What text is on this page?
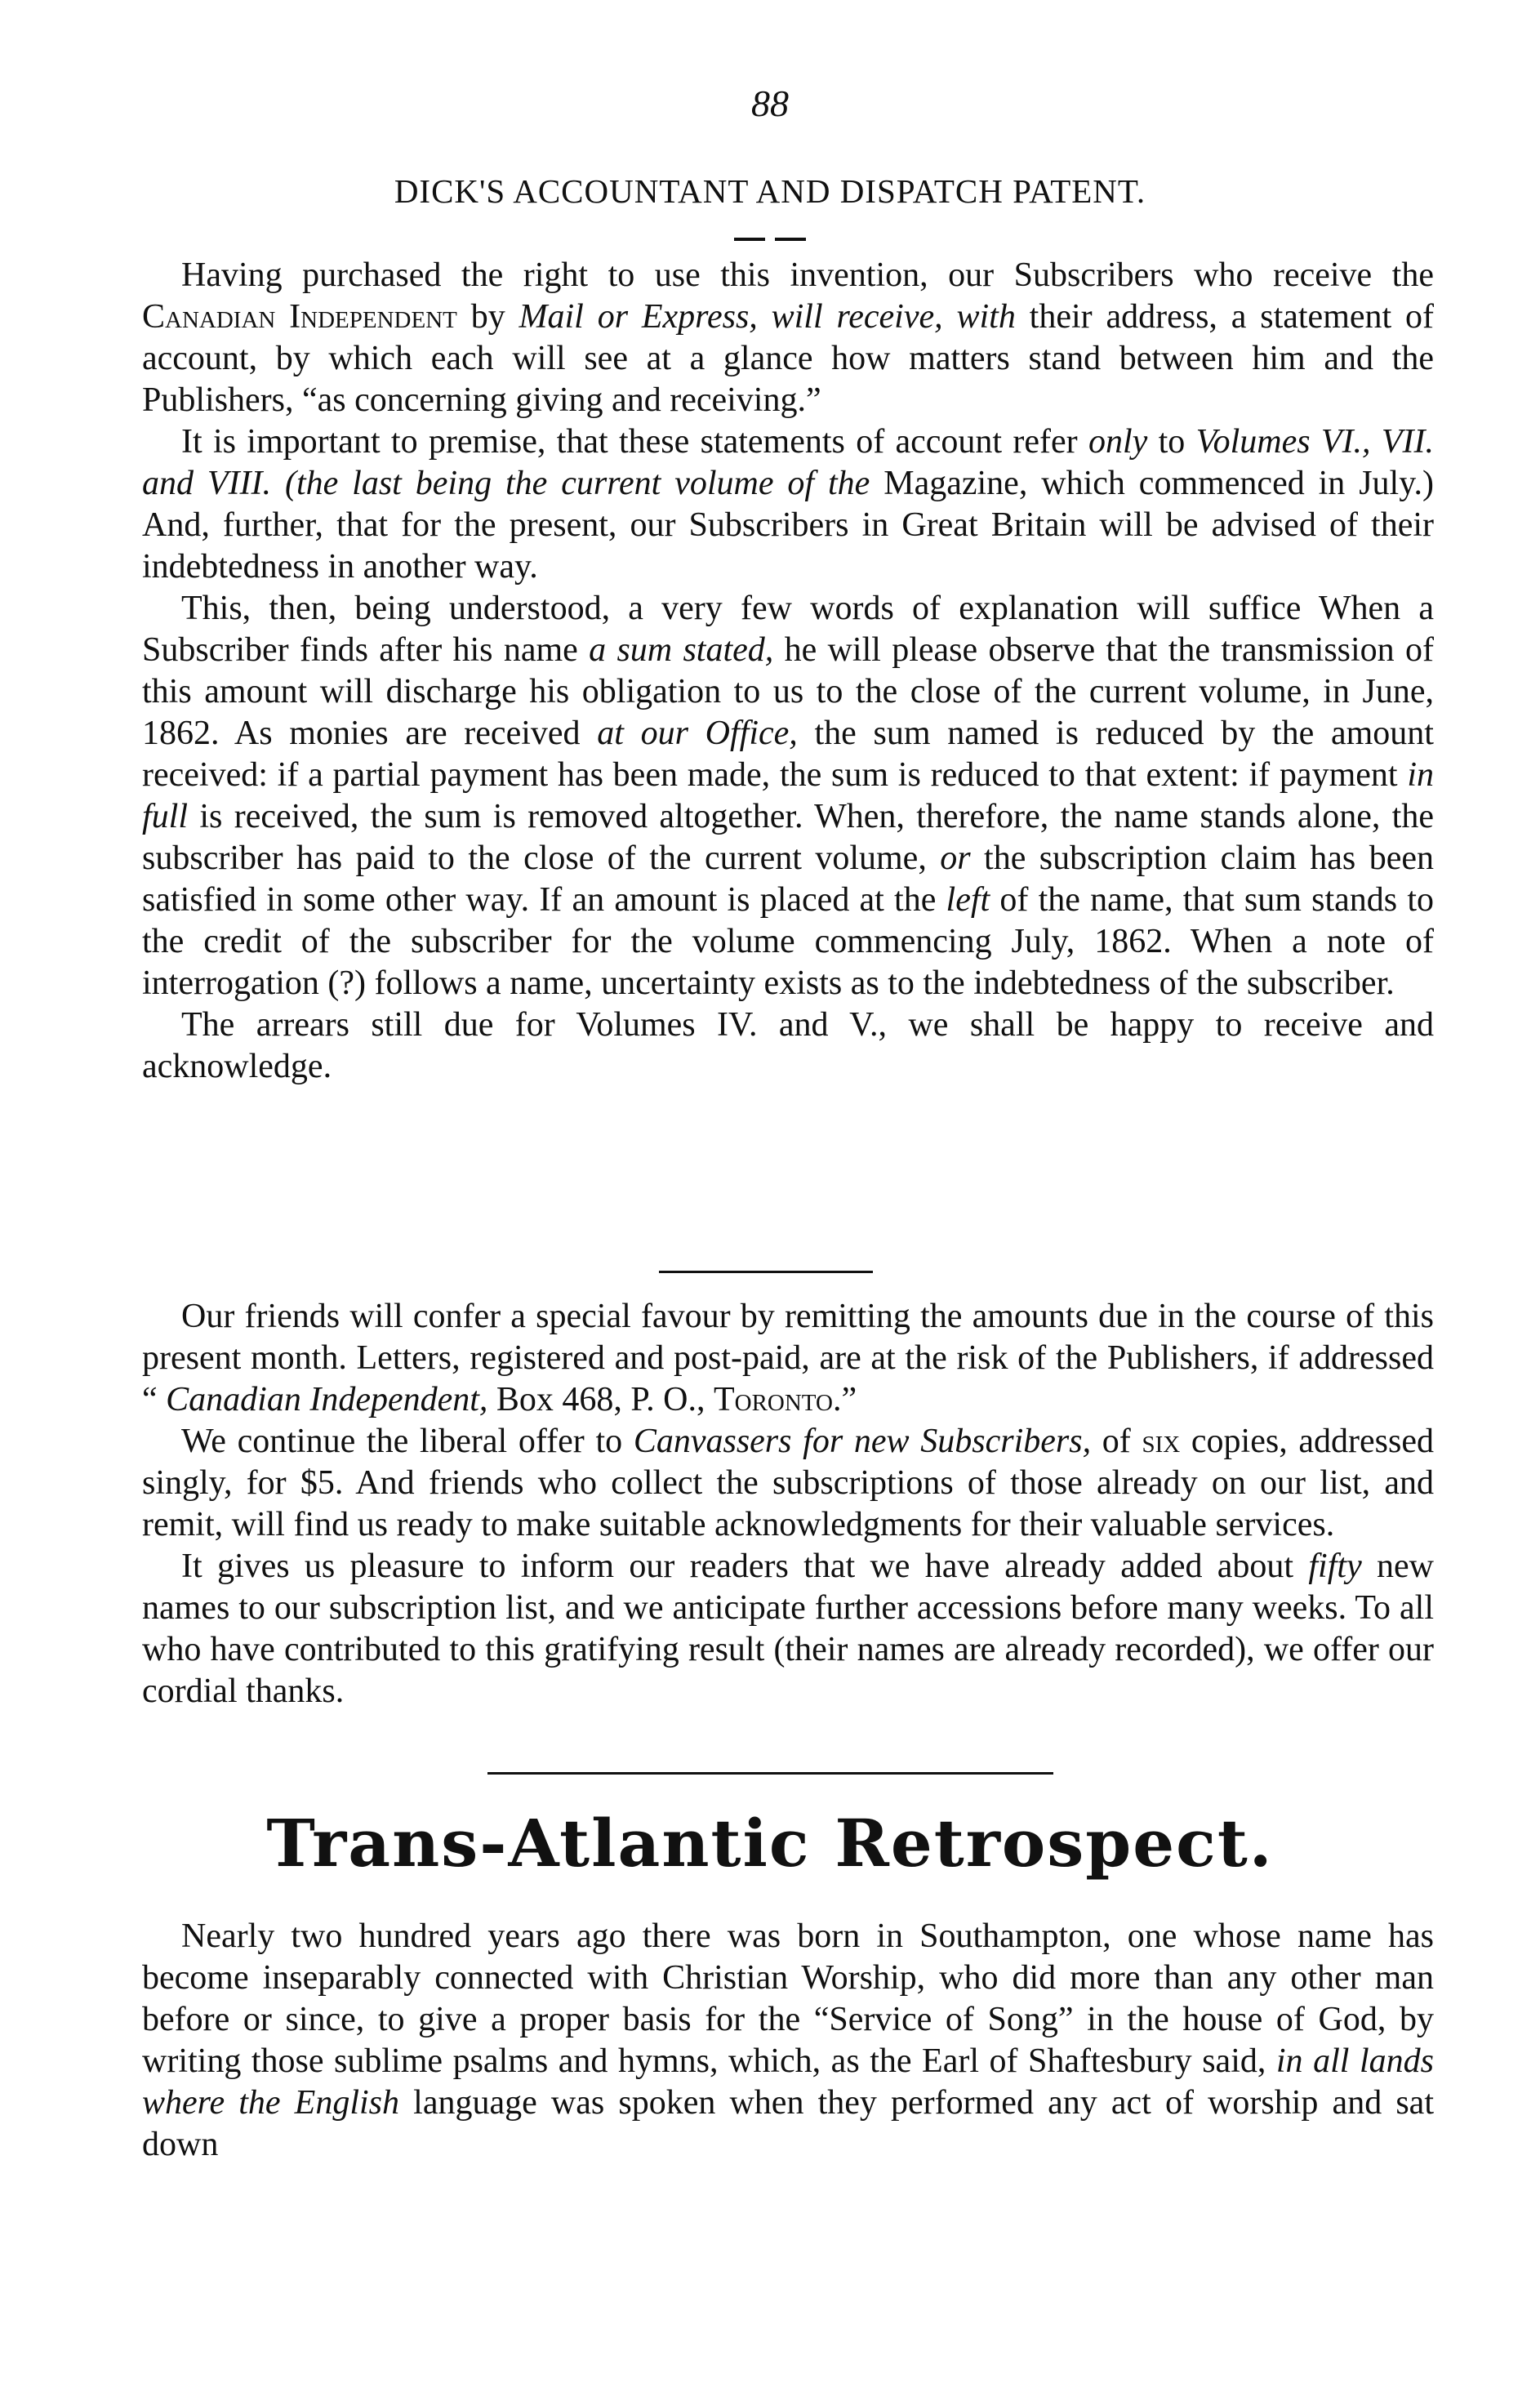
88
DICK'S ACCOUNTANT AND DISPATCH PATENT.

Having purchased the right to use this invention, our Subscribers who receive the Canadian Independent by Mail or Express, will receive, with their address, a statement of account, by which each will see at a glance how matters stand between him and the Publishers, “as concerning giving and receiving.”

It is important to premise, that these statements of account refer only to Volumes VI., VII. and VIII. (the last being the current volume of the Magazine, which commenced in July.) And, further, that for the present, our Subscribers in Great Britain will be advised of their indebtedness in another way.

This, then, being understood, a very few words of explanation will suffice When a Subscriber finds after his name a sum stated, he will please observe that the transmission of this amount will discharge his obligation to us to the close of the current volume, in June, 1862. As monies are received at our Office, the sum named is reduced by the amount received: if a partial payment has been made, the sum is reduced to that extent: if payment in full is received, the sum is removed altogether. When, therefore, the name stands alone, the subscriber has paid to the close of the current volume, or the subscription claim has been satisfied in some other way. If an amount is placed at the left of the name, that sum stands to the credit of the subscriber for the volume commencing July, 1862. When a note of interrogation (?) follows a name, uncertainty exists as to the indebtedness of the subscriber.

The arrears still due for Volumes IV. and V., we shall be happy to receive and acknowledge.

Our friends will confer a special favour by remitting the amounts due in the course of this present month. Letters, registered and post-paid, are at the risk of the Publishers, if addressed “ Canadian Independent, Box 468, P. O., Toronto.”

We continue the liberal offer to Canvassers for new Subscribers, of six copies, addressed singly, for $5. And friends who collect the subscriptions of those already on our list, and remit, will find us ready to make suitable acknowledgments for their valuable services.

It gives us pleasure to inform our readers that we have already added about fifty new names to our subscription list, and we anticipate further accessions before many weeks. To all who have contributed to this gratifying result (their names are already recorded), we offer our cordial thanks.

Trans-Atlantic Retrospect.

Nearly two hundred years ago there was born in Southampton, one whose name has become inseparably connected with Christian Worship, who did more than any other man before or since, to give a proper basis for the “Service of Song” in the house of God, by writing those sublime psalms and hymns, which, as the Earl of Shaftesbury said, in all lands where the English language was spoken when they performed any act of worship and sat down
